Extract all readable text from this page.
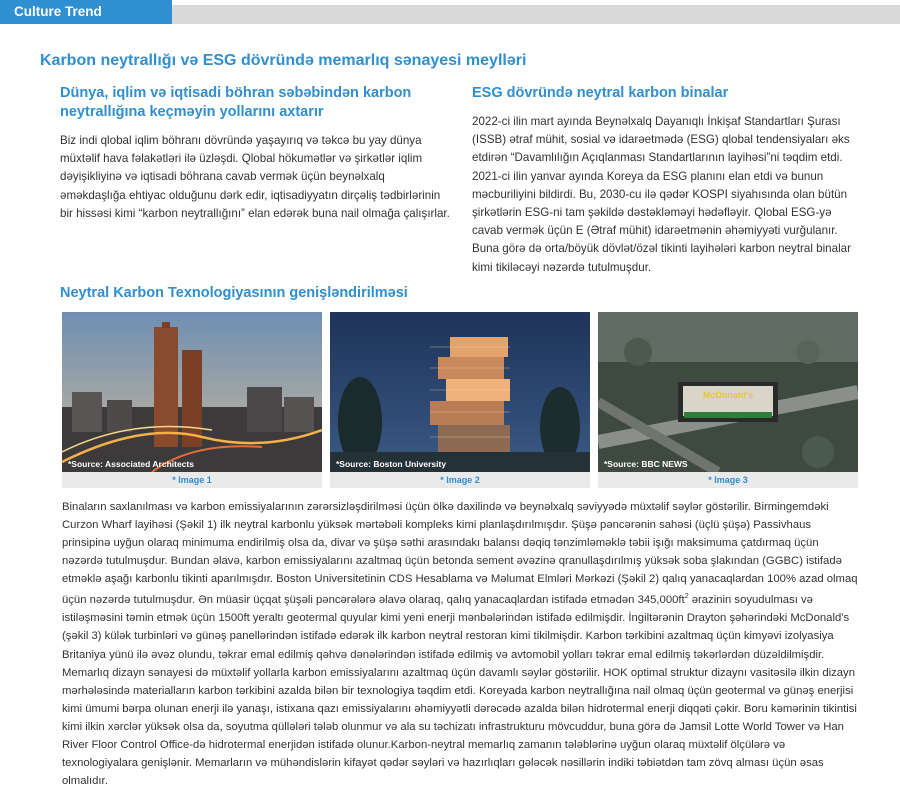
Culture Trend
Karbon neytrallığı və ESG dövründə memarlıq sənayesi meylləri
Dünya, iqlim və iqtisadi böhran səbəbindən karbon neytrallığına keçməyin yollarını axtarır
Biz indi qlobal iqlim böhranı dövründə yaşayırıq və təkcə bu yay dünya müxtəlif hava fəlakətləri ilə üzləşdi. Qlobal hökumətlər və şirkətlər iqlim dəyişikliyinə və iqtisadi böhrana cavab vermək üçün beynəlxalq əməkdaşlığa ehtiyac olduğunu dərk edir, iqtisadiyyatın dirçəliş tədbirlərinin bir hissəsi kimi “karbon neytrallığını” elan edərək buna nail olmağa çalışırlar.
ESG dövründə neytral karbon binalar
2022-ci ilin mart ayında Beynəlxalq Dayanıqlı İnkişaf Standartları Şurası (ISSB) ətraf mühit, sosial və idarəetmədə (ESG) qlobal tendensiyaları əks etdirən “Davamlılığın Açıqlanması Standartlarının layihəsi”ni təqdim etdi. 2021-ci ilin yanvar ayında Koreya da ESG planını elan etdi və bunun məcburiliyini bildirdi. Bu, 2030-cu ilə qədər KOSPI siyahısında olan bütün şirkətlərin ESG-ni tam şəkildə dəstəkləməyi hədəfləyir. Qlobal ESG-yə cavab vermək üçün E (Ətraf mühit) idarəetmənin əhəmiyyəti vurğulanır. Buna görə də orta/böyük dövlət/özəl tikinti layihələri karbon neytral binalar kimi tikiləcəyi nəzərdə tutulmuşdur.
Neytral Karbon Texnologiyasının genişləndirilməsi
*Source: Associated Architects
* Image 1
*Source: Boston University
* Image 2
McDonald's
*Source: BBC NEWS
* Image 3
Binaların saxlanılması və karbon emissiyalarının zərərsizləşdirilməsi üçün ölkə daxilində və beynəlxalq səviyyədə müxtəlif səylər göstərilir. Birmingemdəki Curzon Wharf layihəsi (Şəkil 1) ilk neytral karbonlu yüksək mərtəbəli kompleks kimi planlaşdırılmışdır. Şüşə pəncərənin sahəsi (üçlü şüşə) Passivhaus prinsipinə uyğun olaraq minimuma endirilmiş olsa da, divar və şüşə səthi arasındakı balansı dəqiq tənzimləməklə təbii işığı maksimuma çatdırmaq üçün nəzərdə tutulmuşdur. Bundan əlavə, karbon emissiyalarını azaltmaq üçün betonda sement əvəzinə qranullaşdırılmış yüksək soba şlakından (GGBC) istifadə etməklə aşağı karbonlu tikinti aparılmışdır. Boston Universitetinin CDS Hesablama və Məlumat Elmləri Mərkəzi (Şəkil 2) qalıq yanacaqlardan 100% azad olmaq üçün nəzərdə tutulmuşdur. Ən müasir üçqat şüşəli pəncərələrə əlavə olaraq, qalıq yanacaqlardan istifadə etmədən $345,000ft^2$ ərazinin soyudulması və istiləşməsini təmin etmək üçün 1500ft yeraltı geotermal quyular kimi yeni enerji mənbələrindən istifadə edilmişdir. İngiltərənin Drayton şəhərindəki McDonald’s (şəkil 3) külək turbinləri və günəş panellərindən istifadə edərək ilk karbon neytral restoran kimi tikilmişdir. Karbon tərkibini azaltmaq üçün kimyəvi izolyasiya Britaniya yünü ilə əvəz olundu, təkrar emal edilmiş qəhvə dənələrindən istifadə edilmiş və avtomobil yolları təkrar emal edilmiş təkərlərdən düzəldilmişdir. Memarlıq dizayn sənayesi də müxtəlif yollarla karbon emissiyalarını azaltmaq üçün davamlı səylər göstərilir. HOK optimal struktur dizaynı vasitəsilə ilkin dizayn mərhələsində materialların karbon tərkibini azalda bilən bir texnologiya təqdim etdi. Koreyada karbon neytrallığına nail olmaq üçün geotermal və günəş enerjisi kimi ümumi bərpa olunan enerji ilə yanaşı, istixana qazı emissiyalarını əhəmiyyətli dərəcədə azalda bilən hidrotermal enerji diqqəti çəkir. Boru kəmərinin tikintisi kimi ilkin xərclər yüksək olsa da, soyutma qüllələri tələb olunmur və ala su təchizatı infrastrukturu mövcuddur, buna görə də Jamsil Lotte World Tower və Han River Floor Control Office-də hidrotermal enerjidən istifadə olunur.Karbon-neytral memarlıq zamanın tələblərinə uyğun olaraq müxtəlif ölçülərə və texnologiyalara genişlənir. Memarların və mühəndislərin kifayət qədər səyləri və hazırlıqları gələcək nəsillərin indiki təbiətdən tam zövq alması üçün əsas olmalıdır.
